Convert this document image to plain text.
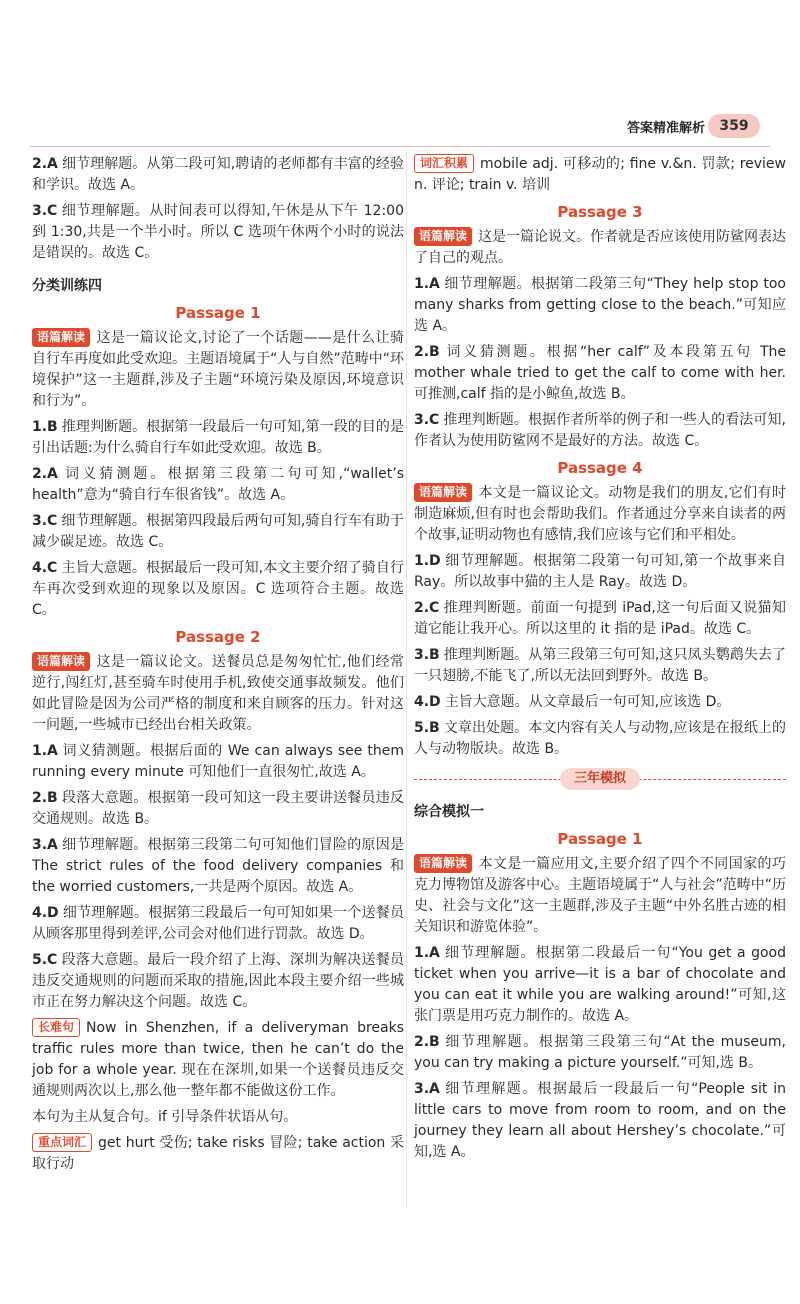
答案精准解析	359

2.A 细节理解题。从第二段可知,聘请的老师都有丰富的经验和学识。故选 A。

3.C 细节理解题。从时间表可以得知,午休是从下午 12:00 到 1:30,共是一个半小时。所以 C 选项午休两个小时的说法是错误的。故选 C。

分类训练四
Passage 1

语篇解读 这是一篇议论文,讨论了一个话题——是什么让骑自行车再度如此受欢迎。主题语境属于“人与自然”范畴中“环境保护”这一主题群,涉及子主题“环境污染及原因,环境意识和行为”。

1.B 推理判断题。根据第一段最后一句可知,第一段的目的是引出话题:为什么骑自行车如此受欢迎。故选 B。

2.A 词义猜测题。根据第三段第二句可知,“wallet’s health”意为“骑自行车很省钱”。故选 A。

3.C 细节理解题。根据第四段最后两句可知,骑自行车有助于减少碳足迹。故选 C。

4.C 主旨大意题。根据最后一段可知,本文主要介绍了骑自行车再次受到欢迎的现象以及原因。C 选项符合主题。故选 C。

Passage 2

语篇解读 这是一篇议论文。送餐员总是匆匆忙忙,他们经常逆行,闯红灯,甚至骑车时使用手机,致使交通事故频发。他们如此冒险是因为公司严格的制度和来自顾客的压力。针对这一问题,一些城市已经出台相关政策。

1.A 词义猜测题。根据后面的 We can always see them running every minute 可知他们一直很匆忙,故选 A。

2.B 段落大意题。根据第一段可知这一段主要讲送餐员违反交通规则。故选 B。

3.A 细节理解题。根据第三段第二句可知他们冒险的原因是 The strict rules of the food delivery companies 和 the worried customers,一共是两个原因。故选 A。

4.D 细节理解题。根据第三段最后一句可知如果一个送餐员从顾客那里得到差评,公司会对他们进行罚款。故选 D。

5.C 段落大意题。最后一段介绍了上海、深圳为解决送餐员违反交通规则的问题而采取的措施,因此本段主要介绍一些城市正在努力解决这个问题。故选 C。

长难句 Now in Shenzhen, if a deliveryman breaks traffic rules more than twice, then he can’t do the job for a whole year. 现在在深圳,如果一个送餐员违反交通规则两次以上,那么他一整年都不能做这份工作。

本句为主从复合句。if 引导条件状语从句。

重点词汇 get hurt 受伤; take risks 冒险; take action 采取行动

词汇积累 mobile adj. 可移动的; fine v.&n. 罚款; review n. 评论; train v. 培训

Passage 3

语篇解读 这是一篇论说文。作者就是否应该使用防鲨网表达了自己的观点。

1.A 细节理解题。根据第二段第三句“They help stop too many sharks from getting close to the beach.”可知应选 A。

2.B 词义猜测题。根据“her calf”及本段第五句 The mother whale tried to get the calf to come with her. 可推测,calf 指的是小鲸鱼,故选 B。

3.C 推理判断题。根据作者所举的例子和一些人的看法可知,作者认为使用防鲨网不是最好的方法。故选 C。

Passage 4

语篇解读 本文是一篇议论文。动物是我们的朋友,它们有时制造麻烦,但有时也会帮助我们。作者通过分享来自读者的两个故事,证明动物也有感情,我们应该与它们和平相处。

1.D 细节理解题。根据第二段第一句可知,第一个故事来自 Ray。所以故事中猫的主人是 Ray。故选 D。

2.C 推理判断题。前面一句提到 iPad,这一句后面又说猫知道它能让我开心。所以这里的 it 指的是 iPad。故选 C。

3.B 推理判断题。从第三段第三句可知,这只凤头鹦鹉失去了一只翅膀,不能飞了,所以无法回到野外。故选 B。

4.D 主旨大意题。从文章最后一句可知,应该选 D。

5.B 文章出处题。本文内容有关人与动物,应该是在报纸上的人与动物版块。故选 B。

三年模拟
综合模拟一
Passage 1

语篇解读 本文是一篇应用文,主要介绍了四个不同国家的巧克力博物馆及游客中心。主题语境属于“人与社会”范畴中“历史、社会与文化”这一主题群,涉及子主题“中外名胜古迹的相关知识和游览体验”。

1.A 细节理解题。根据第二段最后一句“You get a good ticket when you arrive—it is a bar of chocolate and you can eat it while you are walking around!”可知,这张门票是用巧克力制作的。故选 A。

2.B 细节理解题。根据第三段第三句“At the museum, you can try making a picture yourself.”可知,选 B。

3.A 细节理解题。根据最后一段最后一句“People sit in little cars to move from room to room, and on the journey they learn all about Hershey’s chocolate.”可知,选 A。
